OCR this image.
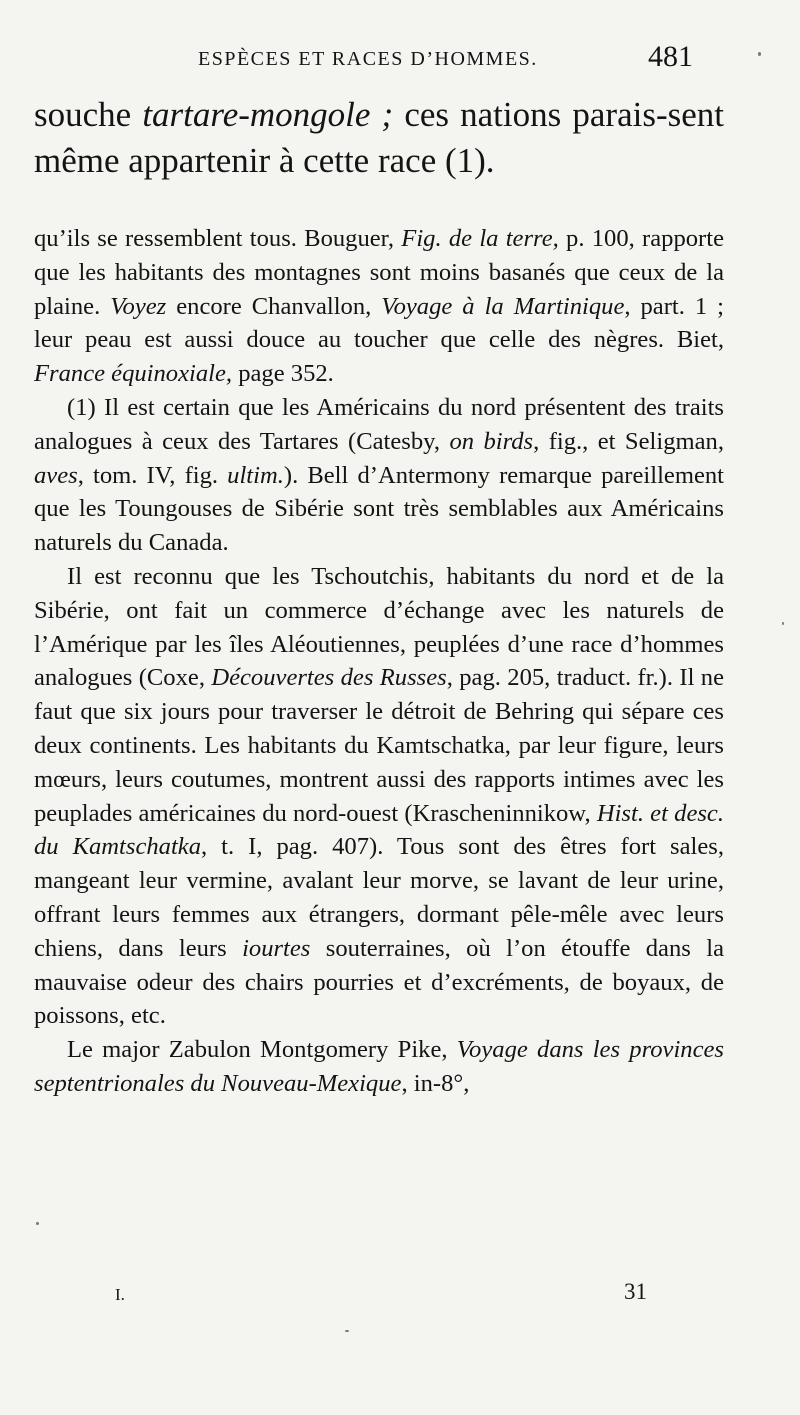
ESPÈCES ET RACES D’HOMMES.	481

souche tartare-mongole ; ces nations parais-sent même appartenir à cette race (1).

qu’ils se ressemblent tous. Bouguer, Fig. de la terre, p. 100, rapporte que les habitants des montagnes sont moins basanés que ceux de la plaine. Voyez encore Chanvallon, Voyage à la Martinique, part. 1 ; leur peau est aussi douce au toucher que celle des nègres. Biet, France équinoxiale, page 352.

(1) Il est certain que les Américains du nord présentent des traits analogues à ceux des Tartares (Catesby, on birds, fig., et Seligman, aves, tom. IV, fig. ultim.). Bell d’Antermony remarque pareillement que les Toungouses de Sibérie sont très semblables aux Américains naturels du Canada.

Il est reconnu que les Tschoutchis, habitants du nord et de la Sibérie, ont fait un commerce d’échange avec les naturels de l’Amérique par les îles Aléoutiennes, peuplées d’une race d’hommes analogues (Coxe, Découvertes des Russes, pag. 205, traduct. fr.). Il ne faut que six jours pour traverser le détroit de Behring qui sépare ces deux continents. Les habitants du Kamtschatka, par leur figure, leurs mœurs, leurs coutumes, montrent aussi des rapports intimes avec les peuplades américaines du nord-ouest (Krascheninnikow, Hist. et desc. du Kamtschatka, t. I, pag. 407). Tous sont des êtres fort sales, mangeant leur vermine, avalant leur morve, se lavant de leur urine, offrant leurs femmes aux étrangers, dormant pêle-mêle avec leurs chiens, dans leurs iourtes souterraines, où l’on étouffe dans la mauvaise odeur des chairs pourries et d’excréments, de boyaux, de poissons, etc.

Le major Zabulon Montgomery Pike, Voyage dans les provinces septentrionales du Nouveau-Mexique, in-8°,

I.	31
